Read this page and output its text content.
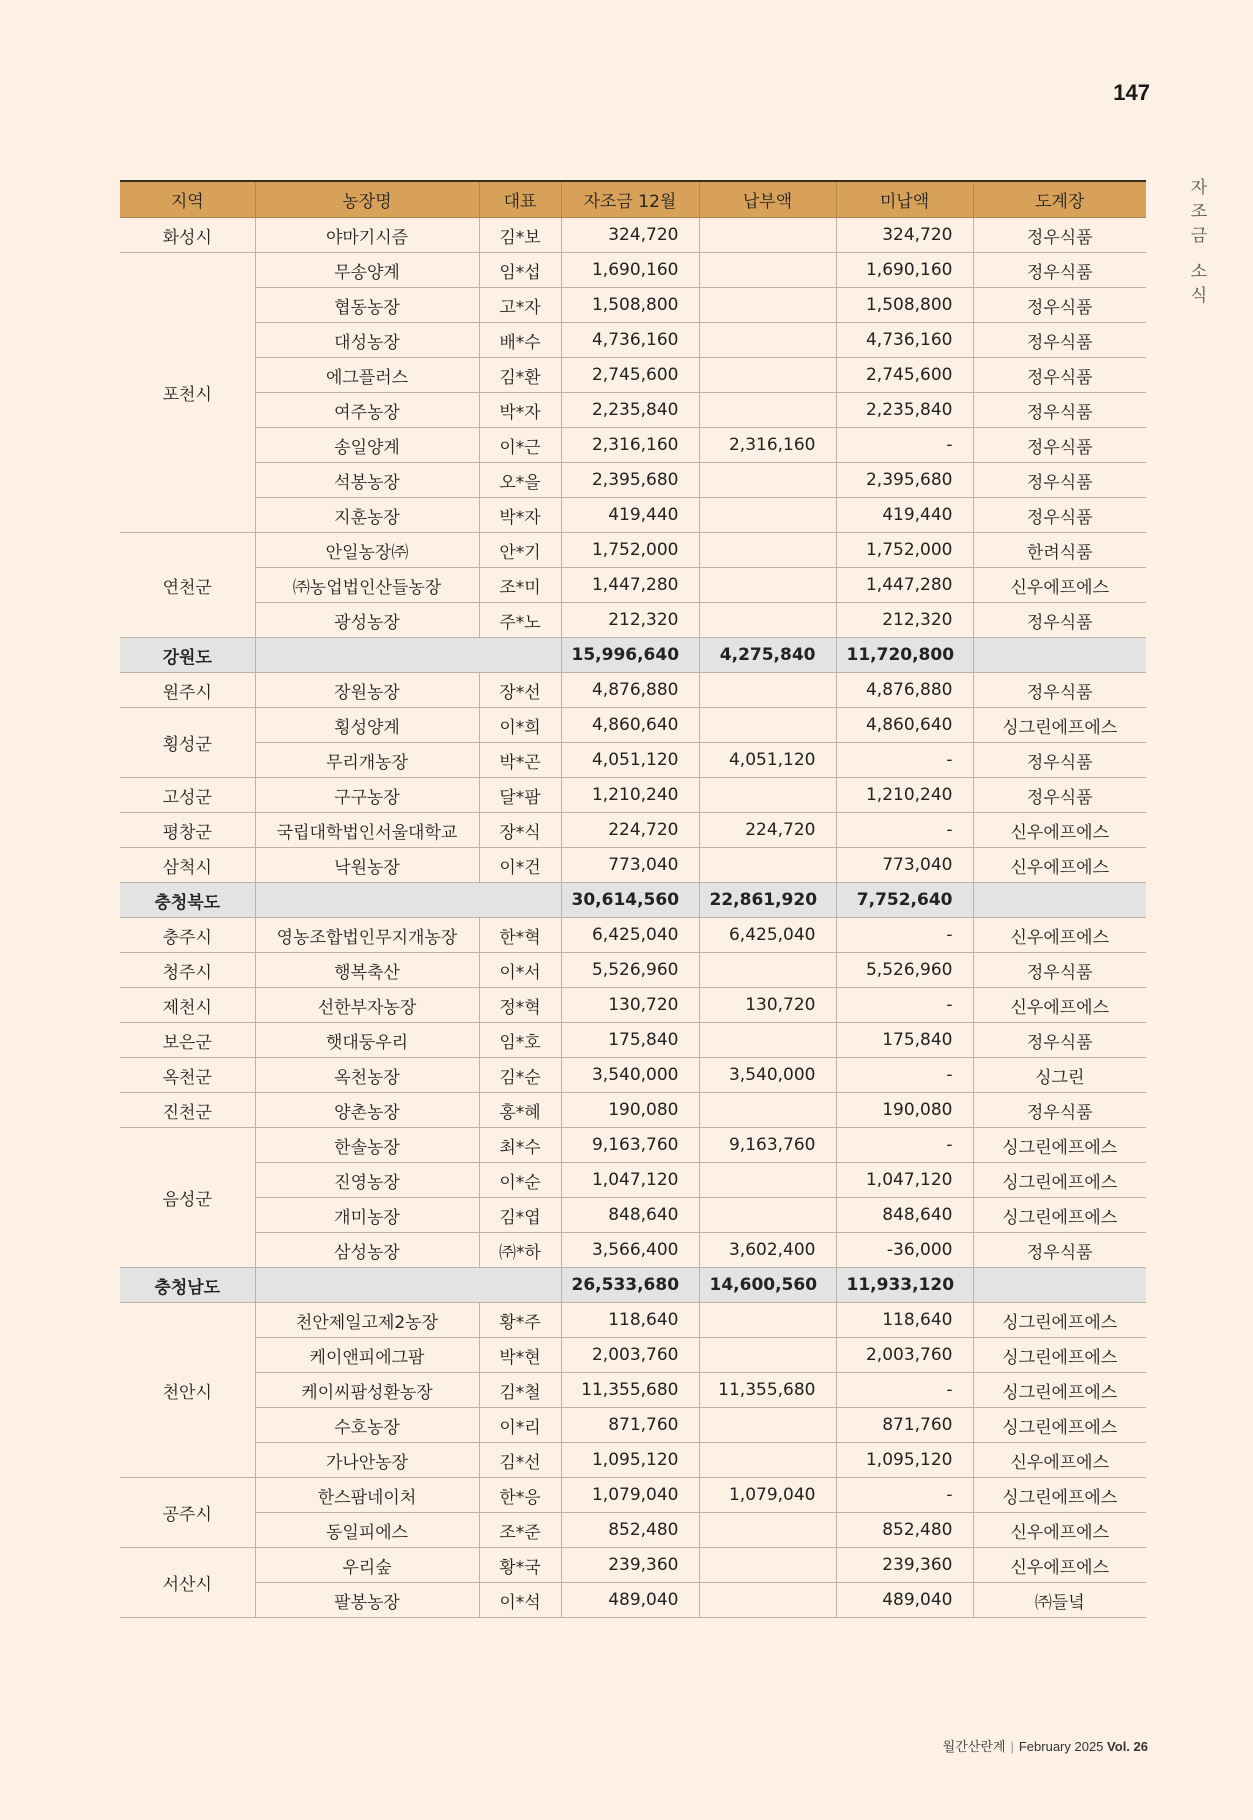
147
자
조
금
소
식
지역	농장명	대표	자조금 12월	납부액	미납액	도계장
화성시	야마기시즘	김*보	324,720		324,720	정우식품
포천시	무송양계	임*섭	1,690,160		1,690,160	정우식품
	협동농장	고*자	1,508,800		1,508,800	정우식품
	대성농장	배*수	4,736,160		4,736,160	정우식품
	에그플러스	김*환	2,745,600		2,745,600	정우식품
	여주농장	박*자	2,235,840		2,235,840	정우식품
	송일양계	이*근	2,316,160	2,316,160	-	정우식품
	석봉농장	오*을	2,395,680		2,395,680	정우식품
	지훈농장	박*자	419,440		419,440	정우식품
연천군	안일농장㈜	안*기	1,752,000		1,752,000	한려식품
	㈜농업법인산들농장	조*미	1,447,280		1,447,280	신우에프에스
	광성농장	주*노	212,320		212,320	정우식품
강원도			15,996,640	4,275,840	11,720,800	
원주시	장원농장	장*선	4,876,880		4,876,880	정우식품
횡성군	횡성양계	이*희	4,860,640		4,860,640	싱그린에프에스
	무리개농장	박*곤	4,051,120	4,051,120	-	정우식품
고성군	구구농장	달*팜	1,210,240		1,210,240	정우식품
평창군	국립대학법인서울대학교	장*식	224,720	224,720	-	신우에프에스
삼척시	낙원농장	이*건	773,040		773,040	신우에프에스
충청북도			30,614,560	22,861,920	7,752,640	
충주시	영농조합법인무지개농장	한*혁	6,425,040	6,425,040	-	신우에프에스
청주시	행복축산	이*서	5,526,960		5,526,960	정우식품
제천시	선한부자농장	정*혁	130,720	130,720	-	신우에프에스
보은군	햇대둥우리	임*호	175,840		175,840	정우식품
옥천군	옥천농장	김*순	3,540,000	3,540,000	-	싱그린
진천군	양촌농장	홍*혜	190,080		190,080	정우식품
음성군	한솔농장	최*수	9,163,760	9,163,760	-	싱그린에프에스
	진영농장	이*순	1,047,120		1,047,120	싱그린에프에스
	개미농장	김*엽	848,640		848,640	싱그린에프에스
	삼성농장	㈜*하	3,566,400	3,602,400	-36,000	정우식품
충청남도			26,533,680	14,600,560	11,933,120	
천안시	천안제일고제2농장	황*주	118,640		118,640	싱그린에프에스
	케이앤피에그팜	박*현	2,003,760		2,003,760	싱그린에프에스
	케이씨팜성환농장	김*철	11,355,680	11,355,680	-	싱그린에프에스
	수호농장	이*리	871,760		871,760	싱그린에프에스
	가나안농장	김*선	1,095,120		1,095,120	신우에프에스
공주시	한스팜네이처	한*응	1,079,040	1,079,040	-	싱그린에프에스
	동일피에스	조*준	852,480		852,480	신우에프에스
서산시	우리숲	황*국	239,360		239,360	신우에프에스
	팔봉농장	이*석	489,040		489,040	㈜들녘
월간산란계 | February 2025 Vol. 26
